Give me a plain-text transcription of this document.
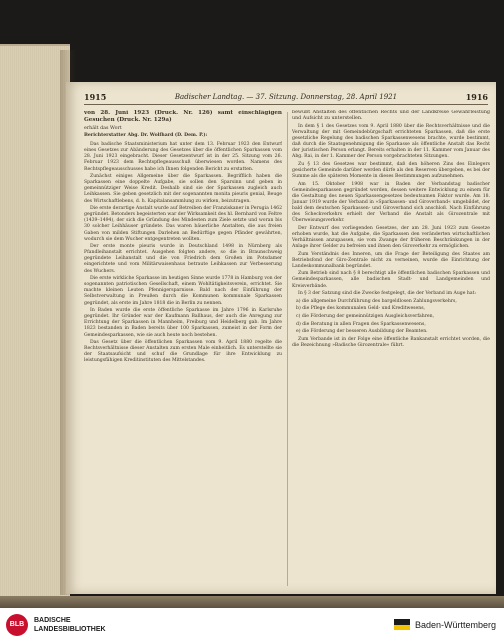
1915	Badischer Landtag. — 37. Sitzung. Donnerstag, 28. April 1921	1916

von 28. Juni 1923 (Druck. Nr. 126) samt einschlägigen Gesuchen (Druck. Nr. 129a)

erhält das Wort

Berichterstatter Abg. Dr. Wolfhard (D. Dem. P.):

Das badische Staatsministerium hat unter dem 13. Februar 1923 den Entwurf eines Gesetzes zur Abänderung des Gesetzes über die öffentlichen Sparkassen vom 28. Juni 1923 eingebracht. Dieser Gesetzentwurf ist in der 25. Sitzung vom 26. Februar 1923 dem Rechtspflegeausschuß überwiesen worden. Namens des Rechtspflegeausschusses habe ich Ihnen folgenden Bericht zu erstatten.

Zunächst einiges Allgemeine über die Sparkassen. Begrifflich haben die Sparkassen eine doppelte Aufgabe, sie sollen den Sparsinn und geben in gemeinnütziger Weise Kredit. Deshalb sind sie der Sparkassen zugleich auch Leihkassen. Sie geben gesetzlich mit der sogenannten monita pieuris genial, Beuge des Wirtschaftlebens, d. h. Kapitalansammlung zu wirken, beizutragen.

Die erste derartige Anstalt wurde auf Betreiben der Franziskaner in Perugia 1462 gegründet. Betonders begeisterten war der Wirksamkeit des hl. Bernhard von Feltre (1439–1494), der sich die Gründung des Mindesten zum Ziele setzte und woran bis 30 solcher Leihhäuser gründete. Das waren bäuerliche Anstalten, die aus freien Gaben von milden Stiftungen Darlehen an Bedürftige gegen Pfänder gewährten, wodurch sie dem Wucher entgegentreten wollten.

Der erste monte pieuris wurde in Deutschland 1498 in Nürnberg als Pfandleihanstalt errichtet. Ausgehen folgten andere, so die in Braunschweig gegründete Leihanstalt und die von Friedrich dem Großen im Potsdamer eingerichtete und vom Militärwaisenhaus betraute Leihkassen zur Verbesserung des Wuchers.

Die erste wirkliche Sparkasse im heutigen Sinne wurde 1778 in Hamburg von der sogenannten patriotischen Gesellschaft, einem Wohltätigkeitsverein, errichtet. Sie machte kleinen Leuten Pfennigersparnisse. Bald nach der Einführung der Selbstverwaltung in Preußen durch die Kommunen kommunale Sparkassen gegründet, als erste im Jahre 1818 die in Berlin zu nennen.

In Baden wurde die erste öffentliche Sparkasse im Jahre 1796 in Karlsruhe gegründet. Ihr Gründer war der Kaufmann Ballhaus, der auch die Anregung zur Errichtung der Sparkassen in Mannheim, Freiburg und Heidelberg gab. Im Jahre 1823 bestanden in Baden bereits über 100 Sparkassen, zumeist in der Form der Gemeindesparkassen, wie sie auch heute noch bestehen.

Das Gesetz über die öffentlichen Sparkassen vom 9. April 1880 regelte die Rechtsverhältnisse dieser Anstalten zum ersten Male einheitlich. Es unterstellte sie der Staatsaufsicht und schuf die Grundlage für ihre Entwicklung zu leistungsfähigen Kreditinstituten des Mittelstandes.

bewußt Anstalten des öffentlichen Rechts und der Landkreise Gewährleistung und Aufsicht zu unterstellen.

In dem § 1 des Gesetzes vom 9. April 1880 über die Rechtsverhältnisse und die Verwaltung der mit Gemeindebürgschaft errichteten Sparkassen, daß die erste gesetzliche Regelung des badischen Sparkassenwesens brachte, wurde bestimmt, daß durch die Staatsgenehmigung die Sparkasse als öffentliche Anstalt das Recht der juristischen Person erlangt. Bereits erhalten in der 11. Kammer vom Januar des Abg. Rai, in der 1. Kammer der Person vorgebrachteten Sitzungen.

Zu § 13 des Gesetzes war bestimmt, daß den höheren Zins des Einlegers gesicherte Gemeinde darüber werden dürfe als den Reserven übergeben, es bei der Summe als die späteren Momente in dieses Bestimmungen aufzunehmen.

Am 15. Oktober 1908 war in Baden der Verbandstag badischer Gemeindesparkassen gegründet worden, dessen weitere Entwicklung zu einem für die Gestaltung des neuen Sparkassengesetzes bedeutsamen Faktor wurde. Am 18. Januar 1919 wurde der Verband in »Sparkassen- und Giroverband« umgebildet, der bald dem deutschen Sparkassen- und Giroverband sich anschloß. Nach Einführung des Scheckverkehrs erhielt der Verband die Anstalt als Girozentrale mit Überweisungsverkehr.

Der Entwurf des vorliegenden Gesetzes, der am 28. Juni 1923 zum Gesetze erhoben wurde, hat die Aufgabe, die Sparkassen den veränderten wirtschaftlichen Verhältnissen anzupassen, sie vom Zwange der früheren Beschränkungen in der Anlage ihrer Gelder zu befreien und ihnen den Giroverkehr zu ermöglichen.

Zum Verständnis des Inneren, um die Frage der Beteiligung des Staates am Betriebsfond der Giro-Zentrale nicht zu verneinen, wurde die Einrichtung der Landeskommunalbank begründet.

Zum Betrieb sind nach § 8 berechtigt alle öffentlichen badischen Sparkassen und Gemeindesparkassen, alle badischen Stadt- und Landgemeinden und Kreisverbände.

In § 3 der Satzung sind die Zwecke festgelegt, die der Verband im Auge hat:

a) die allgemeine Durchführung des bargeldlosen Zahlungsverkehrs,

b) die Pflege des kommunalen Geld- und Kreditwesens,

c) die Förderung der gemeinnützigen Ausgleichsverfahren,

d) die Beratung in allen Fragen des Sparkassenwesens,

e) die Förderung der besseren Ausbildung der Beamten.

Zum Verbande ist in der Folge eine öffentliche Bankanstalt errichtet worden, die die Bezeichnung »Badische Girozentrale« führt.

BLB
BADISCHE
LANDESBIBLIOTHEK	Baden-Württemberg
